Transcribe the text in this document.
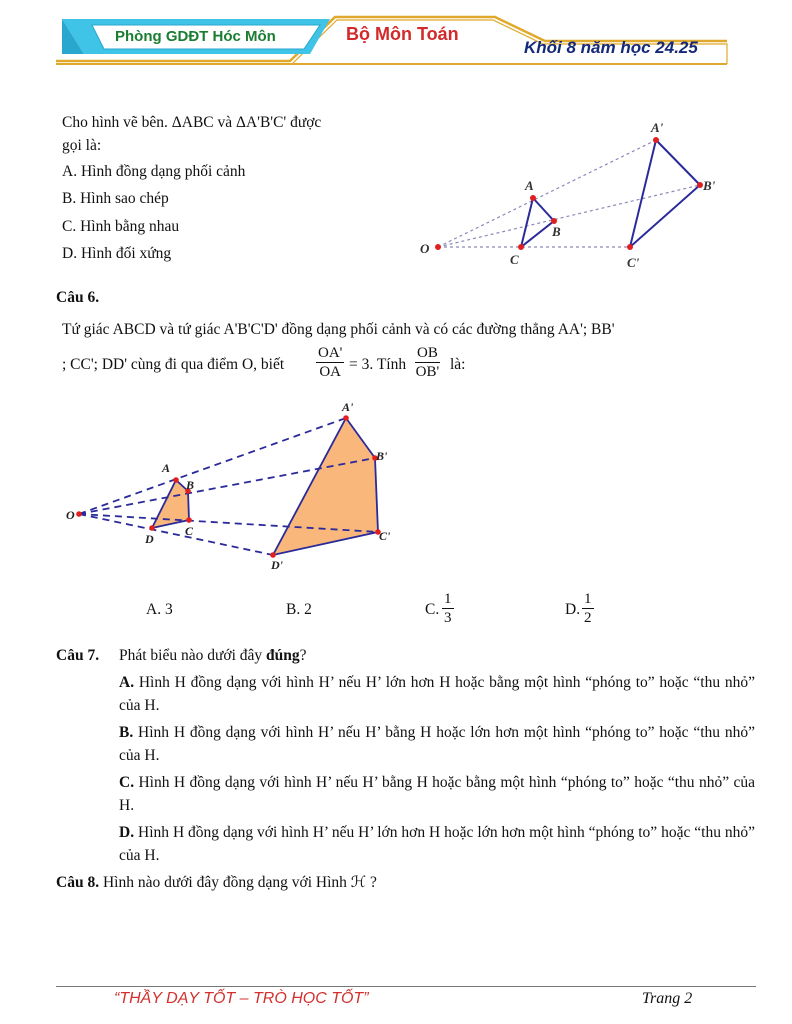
Phòng GDĐT Hóc Môn	Bộ Môn Toán
Khối 8 năm học 24.25
Cho hình vẽ bên. ΔABC và ΔA'B'C' được
gọi là:
A. Hình đồng dạng phối cảnh
B. Hình sao chép
C. Hình bằng nhau
D. Hình đối xứng	O
A
B
C
A'
B'
C'
Câu 6.
Tứ giác ABCD và tứ giác A'B'C'D' đồng dạng phối cảnh và có các đường thẳng AA'; BB'
; CC'; DD' cùng đi qua điểm O, biết $\frac{OA'}{OA} = 3$. Tính $\frac{OB}{OB'}$ là:
O
A
B
C
D
A'
B'
C'
D'
A. 3	B. 2	C. $\frac{1}{3}$	D. $\frac{1}{2}$
Câu 7. Phát biểu nào dưới đây đúng?
A. Hình H đồng dạng với hình H’ nếu H’ lớn hơn H hoặc bằng một hình “phóng to” hoặc “thu nhỏ” của H.
B. Hình H đồng dạng với hình H’ nếu H’ bằng H hoặc lớn hơn một hình “phóng to” hoặc “thu nhỏ” của H.
C. Hình H đồng dạng với hình H’ nếu H’ bằng H hoặc bằng một hình “phóng to” hoặc “thu nhỏ” của H.
D. Hình H đồng dạng với hình H’ nếu H’ lớn hơn H hoặc lớn hơn một hình “phóng to” hoặc “thu nhỏ” của H.
Câu 8. Hình nào dưới đây đồng dạng với Hình ℋ ?
“THẦY DẠY TỐT – TRÒ HỌC TỐT”	Trang 2
